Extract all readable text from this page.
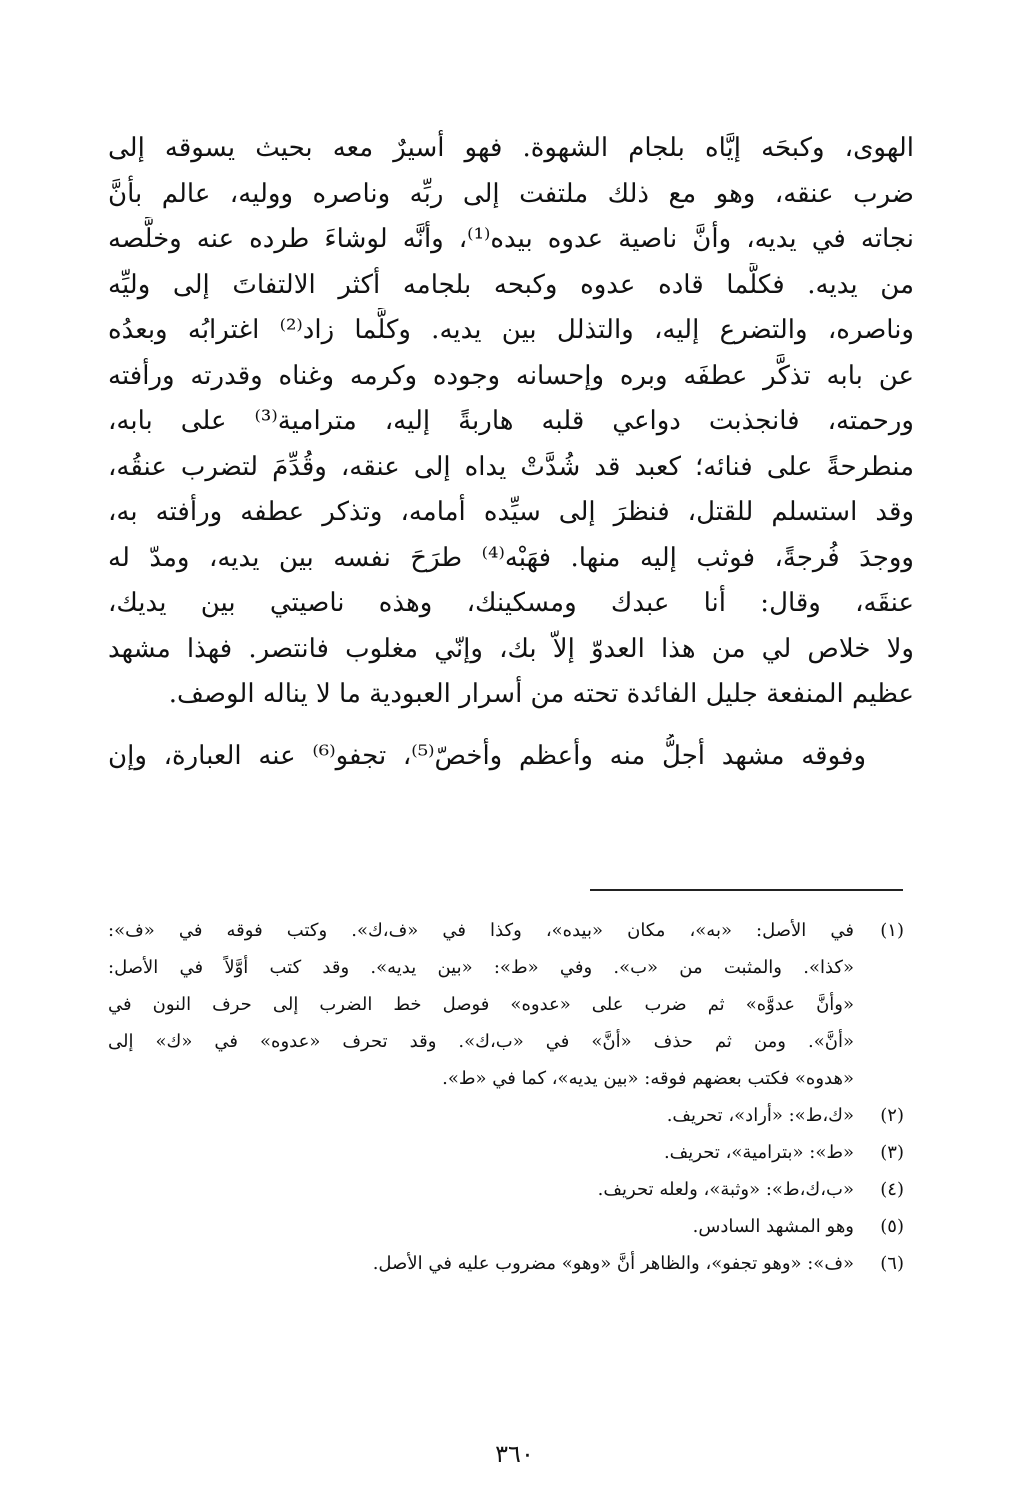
الهوى، وكبحَه إيَّاه بلجام الشهوة. فهو أسيرٌ معه بحيث يسوقه إلى
ضرب عنقه، وهو مع ذلك ملتفت إلى ربِّه وناصره ووليه، عالم بأنَّ
نجاته في يديه، وأنَّ ناصية عدوه بيده⁽¹⁾، وأنَّه لوشاءَ طرده عنه وخلَّصه
من يديه. فكلَّما قاده عدوه وكبحه بلجامه أكثر الالتفاتَ إلى وليِّه
وناصره، والتضرع إليه، والتذلل بين يديه. وكلَّما زاد⁽²⁾ اغترابُه وبعدُه
عن بابه تذكَّر عطفَه وبره وإحسانه وجوده وكرمه وغناه وقدرته ورأفته
ورحمته، فانجذبت دواعي قلبه هاربةً إليه، مترامية⁽³⁾ على بابه،
منطرحةً على فنائه؛ كعبد قد شُدَّتْ يداه إلى عنقه، وقُدِّمَ لتضرب عنقُه،
وقد استسلم للقتل، فنظرَ إلى سيِّده أمامه، وتذكر عطفه ورأفته به،
ووجدَ فُرجةً، فوثب إليه منها. فهَبْه⁽⁴⁾ طرَحَ نفسه بين يديه، ومدّ له
عنقَه، وقال: أنا عبدك ومسكينك، وهذه ناصيتي بين يديك،
ولا خلاص لي من هذا العدوّ إلاّ بك، وإنّي مغلوب فانتصر. فهذا مشهد
عظيم المنفعة جليل الفائدة تحته من أسرار العبودية ما لا يناله الوصف.
وفوقه مشهد أجلُّ منه وأعظم وأخصّ⁽⁵⁾، تجفو⁽⁶⁾ عنه العبارة، وإن
(١)
في الأصل: «به»، مكان «بيده»، وكذا في «ف،ك». وكتب فوقه في «ف»:
«كذا». والمثبت من «ب». وفي «ط»: «بين يديه». وقد كتب أوَّلاً في الأصل:
«وأنَّ عدوَّه» ثم ضرب على «عدوه» فوصل خط الضرب إلى حرف النون في
«أنَّ». ومن ثم حذف «أنَّ» في «ب،ك». وقد تحرف «عدوه» في «ك» إلى
«هدوه» فكتب بعضهم فوقه: «بين يديه»، كما في «ط».
(٢)
«ك،ط»: «أراد»، تحريف.
(٣)
«ط»: «بترامية»، تحريف.
(٤)
«ب،ك،ط»: «وثبة»، ولعله تحريف.
(٥)
وهو المشهد السادس.
(٦)
«ف»: «وهو تجفو»، والظاهر أنَّ «وهو» مضروب عليه في الأصل.
٣٦٠
